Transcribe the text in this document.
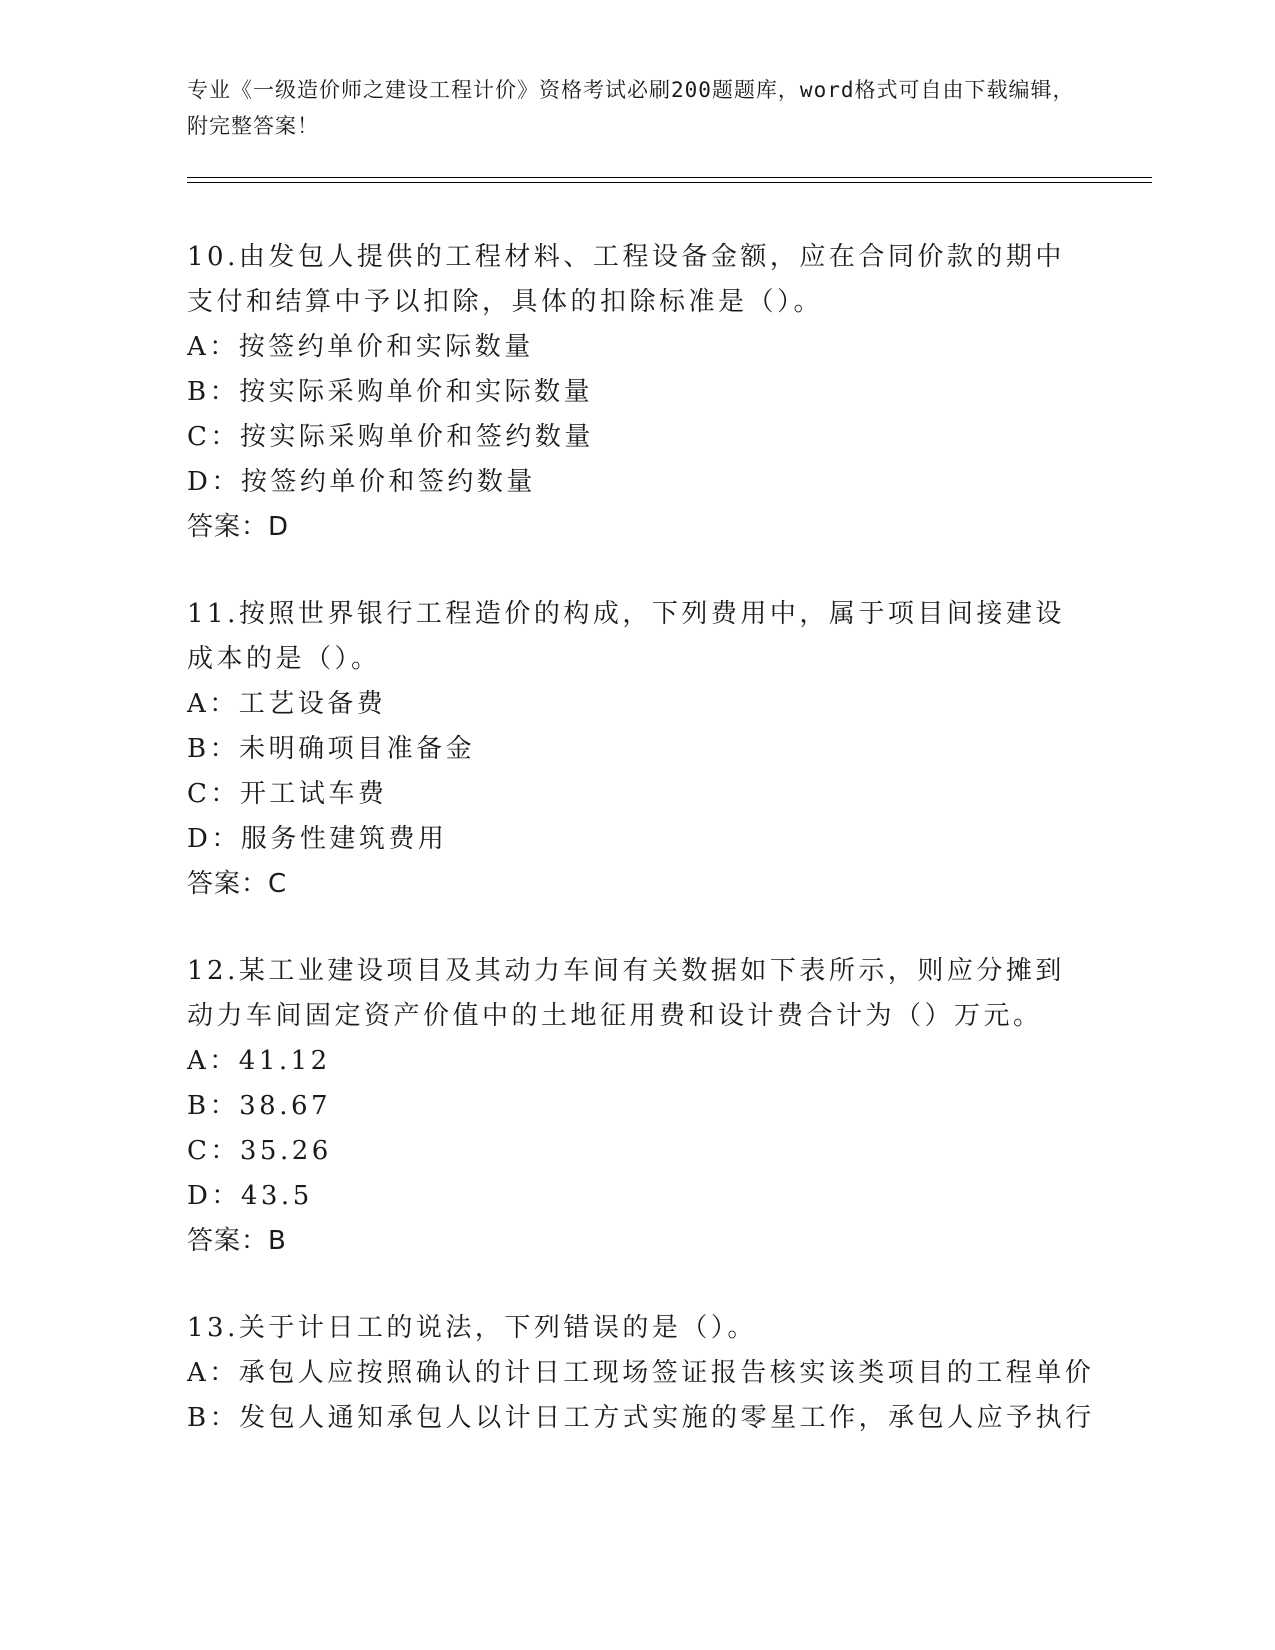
专业《一级造价师之建设工程计价》资格考试必刷200题题库，word格式可自由下载编辑，附完整答案！

10.由发包人提供的工程材料、工程设备金额，应在合同价款的期中支付和结算中予以扣除，具体的扣除标准是（）。

A：按签约单价和实际数量

B：按实际采购单价和实际数量

C：按实际采购单价和签约数量

D：按签约单价和签约数量

答案：D

11.按照世界银行工程造价的构成，下列费用中，属于项目间接建设成本的是（）。

A：工艺设备费

B：未明确项目准备金

C：开工试车费

D：服务性建筑费用

答案：C

12.某工业建设项目及其动力车间有关数据如下表所示，则应分摊到动力车间固定资产价值中的土地征用费和设计费合计为（）万元。

A：41.12

B：38.67

C：35.26

D：43.5

答案：B

13.关于计日工的说法，下列错误的是（）。

A：承包人应按照确认的计日工现场签证报告核实该类项目的工程单价

B：发包人通知承包人以计日工方式实施的零星工作，承包人应予执行
